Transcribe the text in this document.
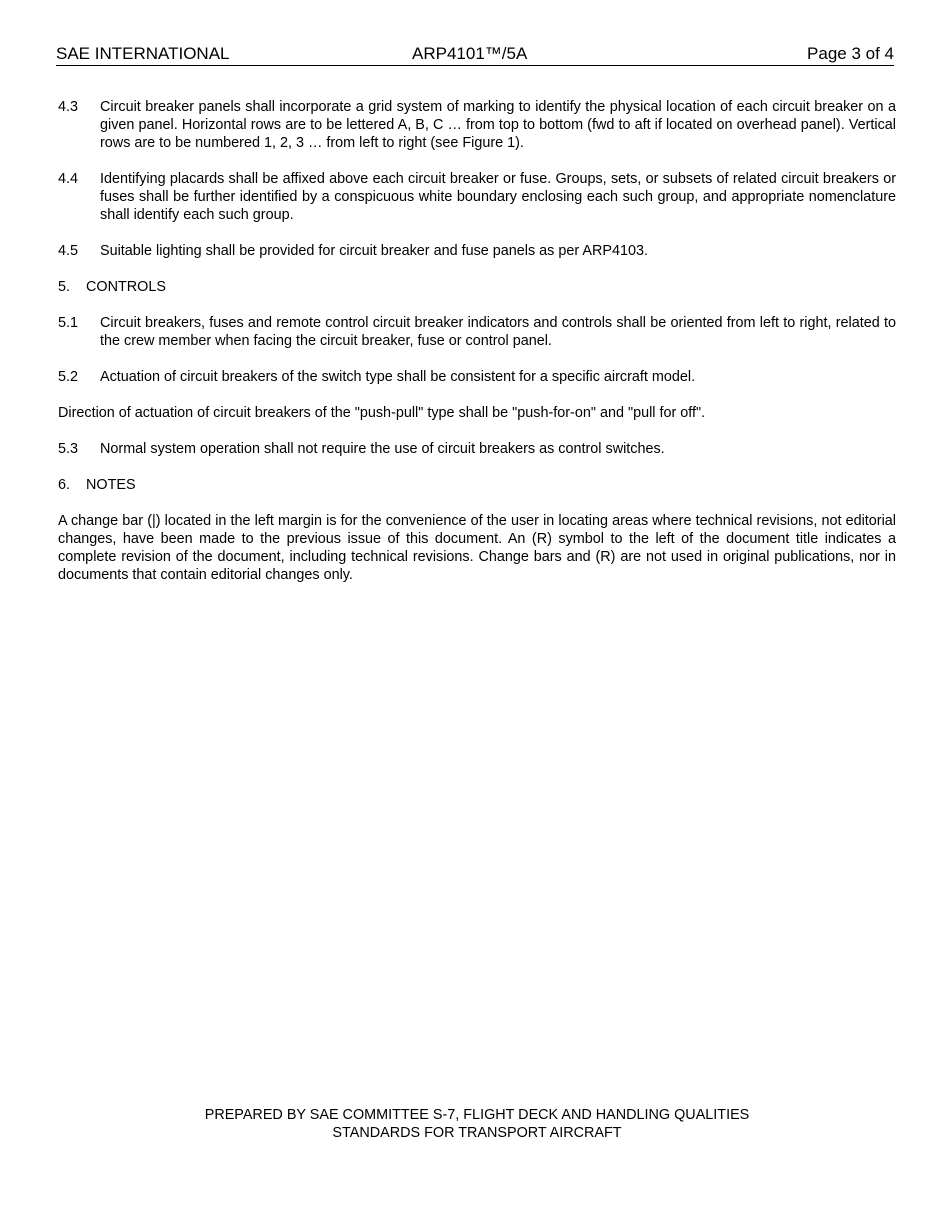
SAE INTERNATIONAL	ARP4101™/5A	Page 3 of 4
4.3 Circuit breaker panels shall incorporate a grid system of marking to identify the physical location of each circuit breaker on a given panel. Horizontal rows are to be lettered A, B, C … from top to bottom (fwd to aft if located on overhead panel). Vertical rows are to be numbered 1, 2, 3 … from left to right (see Figure 1).
4.4 Identifying placards shall be affixed above each circuit breaker or fuse. Groups, sets, or subsets of related circuit breakers or fuses shall be further identified by a conspicuous white boundary enclosing each such group, and appropriate nomenclature shall identify each such group.
4.5 Suitable lighting shall be provided for circuit breaker and fuse panels as per ARP4103.
5. CONTROLS
5.1 Circuit breakers, fuses and remote control circuit breaker indicators and controls shall be oriented from left to right, related to the crew member when facing the circuit breaker, fuse or control panel.
5.2 Actuation of circuit breakers of the switch type shall be consistent for a specific aircraft model.
Direction of actuation of circuit breakers of the "push-pull" type shall be "push-for-on" and "pull for off".
5.3 Normal system operation shall not require the use of circuit breakers as control switches.
6. NOTES
A change bar (|) located in the left margin is for the convenience of the user in locating areas where technical revisions, not editorial changes, have been made to the previous issue of this document. An (R) symbol to the left of the document title indicates a complete revision of the document, including technical revisions. Change bars and (R) are not used in original publications, nor in documents that contain editorial changes only.
PREPARED BY SAE COMMITTEE S-7, FLIGHT DECK AND HANDLING QUALITIES
STANDARDS FOR TRANSPORT AIRCRAFT
